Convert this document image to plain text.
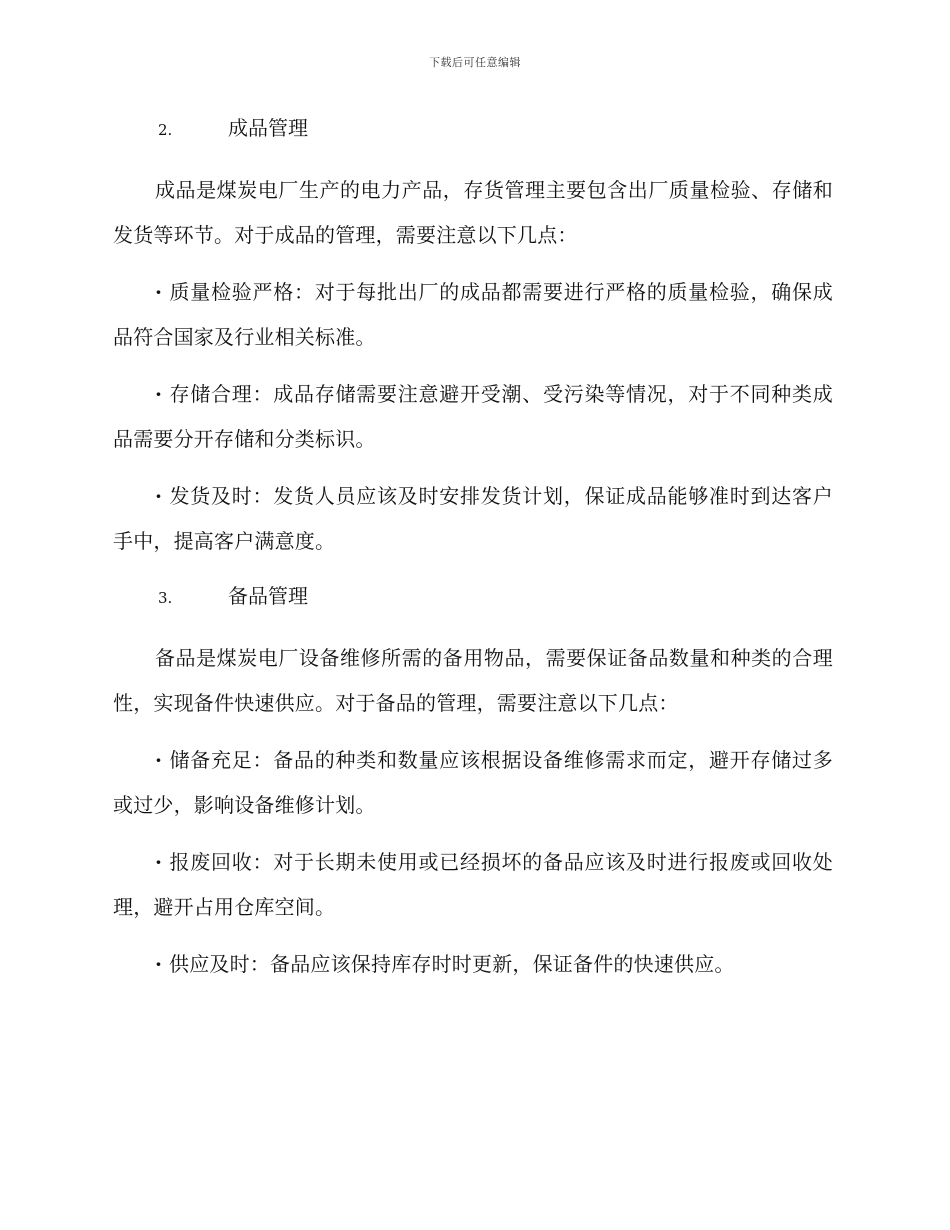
下载后可任意编辑
2.	成品管理

成品是煤炭电厂生产的电力产品，存货管理主要包含出厂质量检验、存储和发货等环节。对于成品的管理，需要注意以下几点：

· 质量检验严格：对于每批出厂的成品都需要进行严格的质量检验，确保成品符合国家及行业相关标准。

· 存储合理：成品存储需要注意避开受潮、受污染等情况，对于不同种类成品需要分开存储和分类标识。

· 发货及时：发货人员应该及时安排发货计划，保证成品能够准时到达客户手中，提高客户满意度。

3.	备品管理

备品是煤炭电厂设备维修所需的备用物品，需要保证备品数量和种类的合理性，实现备件快速供应。对于备品的管理，需要注意以下几点：

· 储备充足：备品的种类和数量应该根据设备维修需求而定，避开存储过多或过少，影响设备维修计划。

· 报废回收：对于长期未使用或已经损坏的备品应该及时进行报废或回收处理，避开占用仓库空间。

· 供应及时：备品应该保持库存时时更新，保证备件的快速供应。
